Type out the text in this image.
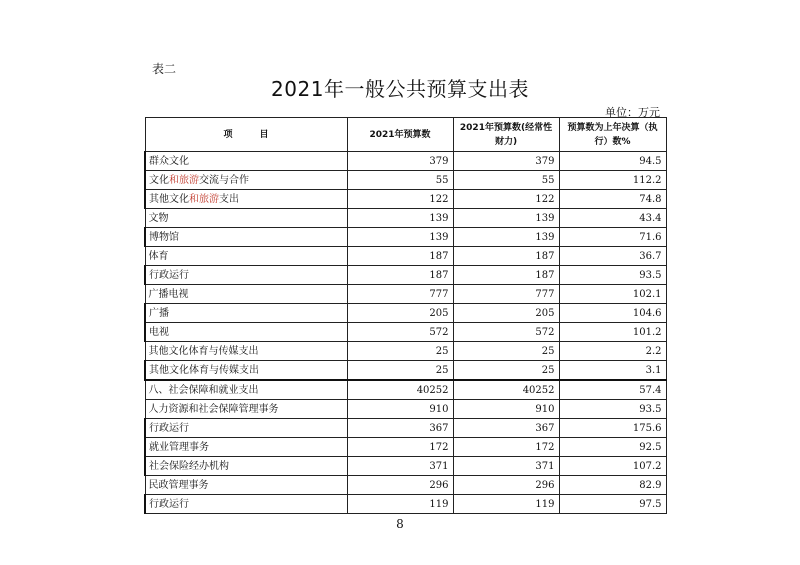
表二
2021年一般公共预算支出表
单位：万元
项　　　目	2021年预算数	2021年预算数(经常性财力)	预算数为上年决算（执行）数%
群众文化	379	379	94.5
文化和旅游交流与合作	55	55	112.2
其他文化和旅游支出	122	122	74.8
文物	139	139	43.4
博物馆	139	139	71.6
体育	187	187	36.7
行政运行	187	187	93.5
广播电视	777	777	102.1
广播	205	205	104.6
电视	572	572	101.2
其他文化体育与传媒支出	25	25	2.2
其他文化体育与传媒支出	25	25	3.1
八、社会保障和就业支出	40252	40252	57.4
人力资源和社会保障管理事务	910	910	93.5
行政运行	367	367	175.6
就业管理事务	172	172	92.5
社会保险经办机构	371	371	107.2
民政管理事务	296	296	82.9
行政运行	119	119	97.5
8
